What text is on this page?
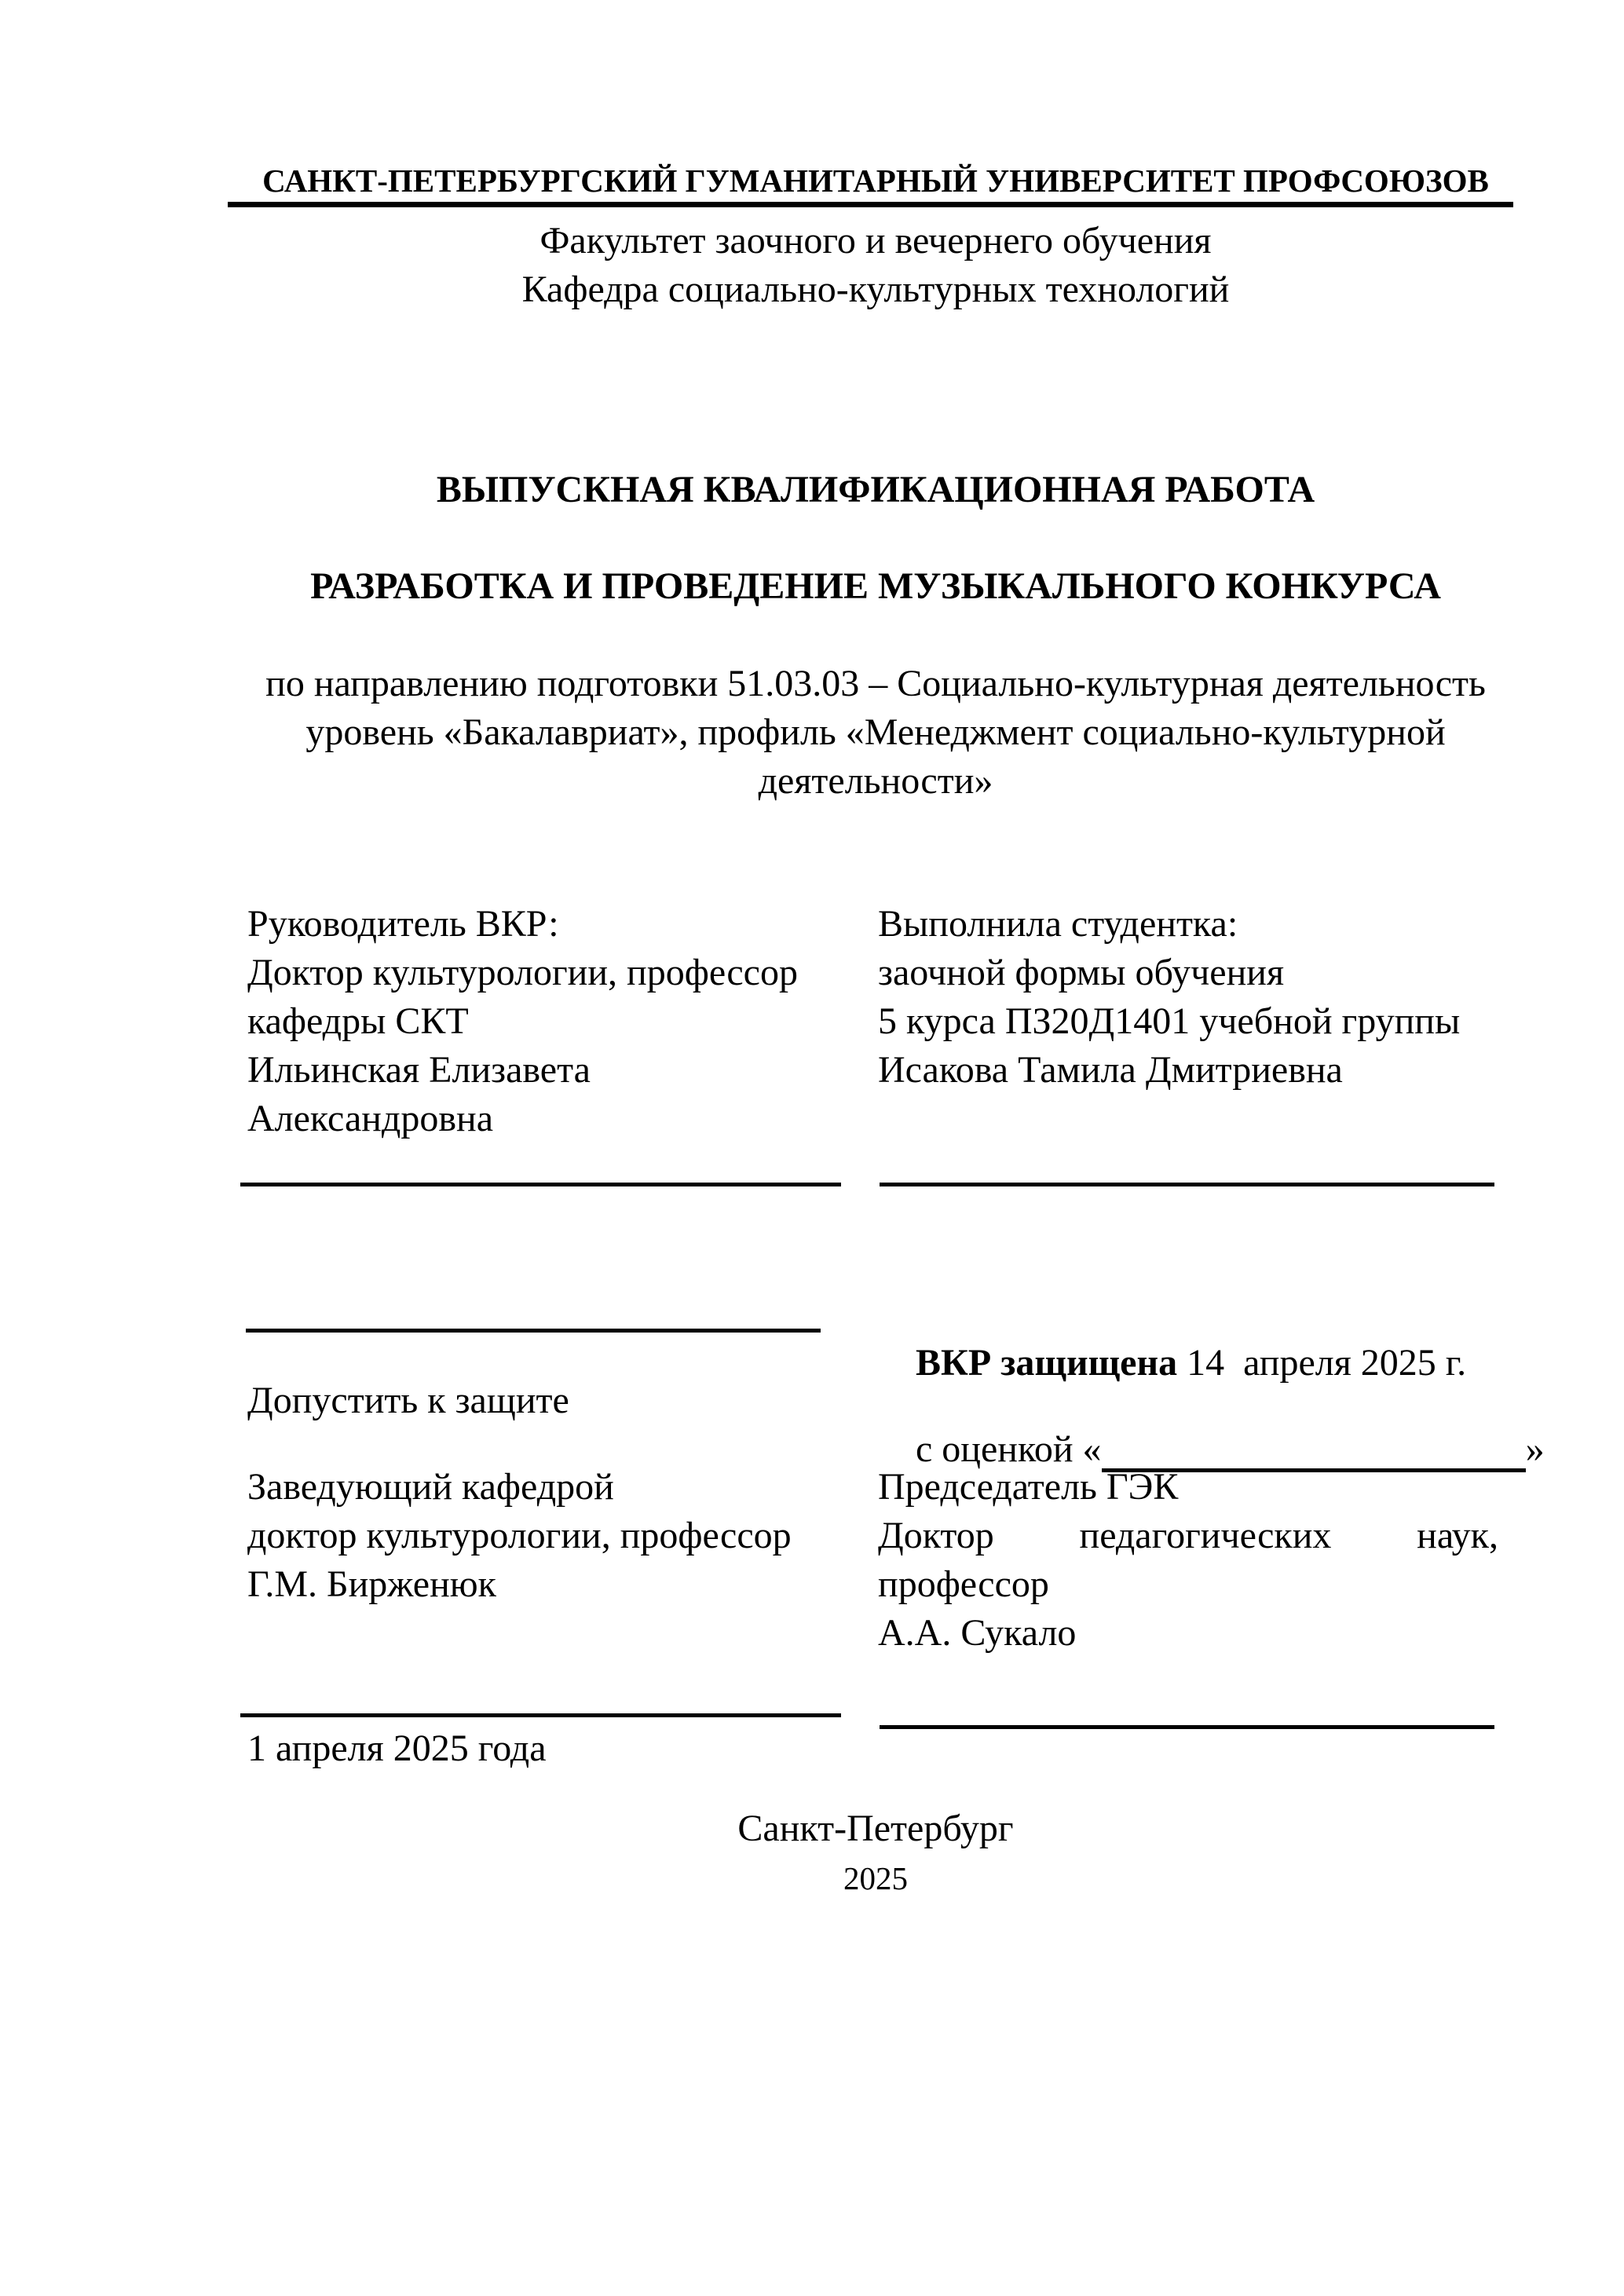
САНКТ-ПЕТЕРБУРГСКИЙ ГУМАНИТАРНЫЙ УНИВЕРСИТЕТ ПРОФСОЮЗОВ
Факультет заочного и вечернего обучения
Кафедра социально-культурных технологий
ВЫПУСКНАЯ КВАЛИФИКАЦИОННАЯ РАБОТА
РАЗРАБОТКА И ПРОВЕДЕНИЕ МУЗЫКАЛЬНОГО КОНКУРСА
по направлению подготовки 51.03.03 – Социально-культурная деятельность
уровень «Бакалавриат», профиль «Менеджмент социально-культурной
деятельности»
Руководитель ВКР:
Доктор культурологии, профессор
кафедры СКТ
Ильинская Елизавета
Александровна
Выполнила студентка:
заочной формы обучения
5 курса ПЗ20Д1401 учебной группы
Исакова Тамила Дмитриевна

ВКР защищена 14  апреля 2025 г.

Допустить к защите

с оценкой «	»

Заведующий кафедрой
доктор культурологии, профессор
Г.М. Бирженюк
Председатель ГЭК
Доктор педагогических наук,
профессор
А.А. Сукало
1 апреля 2025 года
Санкт-Петербург
2025
